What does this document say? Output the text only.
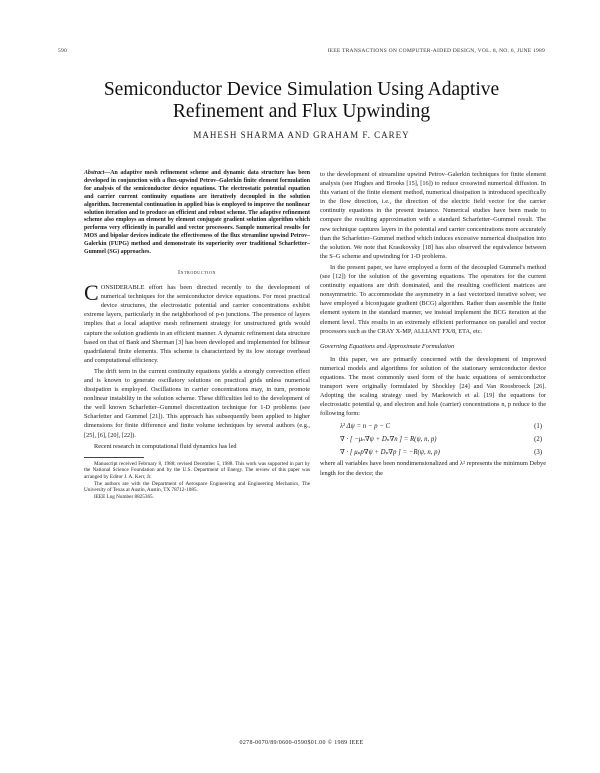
590	IEEE TRANSACTIONS ON COMPUTER-AIDED DESIGN, VOL. 8, NO. 6, JUNE 1989
Semiconductor Device Simulation Using Adaptive Refinement and Flux Upwinding
MAHESH SHARMA AND GRAHAM F. CAREY

Abstract—An adaptive mesh refinement scheme and dynamic data structure has been developed in conjunction with a flux-upwind Petrov–Galerkin finite element formulation for analysis of the semiconductor device equations. The electrostatic potential equation and carrier current continuity equations are iteratively decoupled in the solution algorithm. Incremental continuation in applied bias is employed to improve the nonlinear solution iteration and to produce an efficient and robust scheme. The adaptive refinement scheme also employs an element by element conjugate gradient solution algorithm which performs very efficiently in parallel and vector processors. Sample numerical results for MOS and bipolar devices indicate the effectiveness of the flux streamline upwind Petrov–Galerkin (FUPG) method and demonstrate its superiority over traditional Scharfetter–Gummel (SG) approaches.

Introduction

CONSIDERABLE effort has been directed recently to the development of numerical techniques for the semiconductor device equations. For most practical device structures, the electrostatic potential and carrier concentrations exhibit extreme layers, particularly in the neighborhood of p-n junctions. The presence of layers implies that a local adaptive mesh refinement strategy for unstructured grids would capture the solution gradients in an efficient manner. A dynamic refinement data structure based on that of Bank and Sherman [3] has been developed and implemented for bilinear quadrilateral finite elements. This scheme is characterized by its low storage overhead and computational efficiency.

The drift term in the current continuity equations yields a strongly convection effect and is known to generate oscillatory solutions on practical grids unless numerical dissipation is employed. Oscillations in carrier concentrations may, in turn, promote nonlinear instability in the solution scheme. These difficulties led to the development of the well known Scharfetter–Gummel discretization technique for 1-D problems (see Scharfetter and Gummel [21]). This approach has subsequently been applied to higher dimensions for finite difference and finite volume techniques by several authors (e.g., [25], [6], [20], [22]).

Recent research in computational fluid dynamics has led

Manuscript received February 8, 1988; revised December 5, 1988. This work was supported in part by the National Science Foundation and by the U.S. Department of Energy. The review of this paper was arranged by Editor J. A. Kerr, Jr.

The authors are with the Department of Aerospace Engineering and Engineering Mechanics, The University of Texas at Austin, Austin, TX 78712-1085.

IEEE Log Number 8825365.

to the development of streamline upwind Petrov–Galerkin techniques for finite element analysis (see Hughes and Brooks [15], [16]) to reduce crosswind numerical diffusion. In this variant of the finite element method, numerical dissipation is introduced specifically in the flow direction, i.e., the direction of the electric field vector for the carrier continuity equations in the present instance. Numerical studies have been made to compare the resulting approximation with a standard Scharfetter–Gummel result. The new technique captures layers in the potential and carrier concentrations more accurately than the Scharfetter–Gummel method which induces excessive numerical dissipation into the solution. We note that Krasikovsky [18] has also observed the equivalence between the S–G scheme and upwinding for 1-D problems.

In the present paper, we have employed a form of the decoupled Gummel's method (see [12]) for the solution of the governing equations. The operators for the current continuity equations are drift dominated, and the resulting coefficient matrices are nonsymmetric. To accommodate the asymmetry in a fast vectorized iterative solver, we have employed a biconjugate gradient (BCG) algorithm. Rather than assemble the finite element system in the standard manner, we instead implement the BCG iteration at the element level. This results in an extremely efficient performance on parallel and vector processors such as the CRAY X-MP, ALLIANT FX/8, ETA, etc.

Governing Equations and Approximate Formulation

In this paper, we are primarily concerned with the development of improved numerical models and algorithms for solution of the stationary semiconductor device equations. The most commonly used form of the basic equations of semiconductor transport were originally formulated by Shockley [24] and Van Roosbroeck [26]. Adopting the scaling strategy used by Markowich et al. [19] the equations for electrostatic potential ψ, and electron and hole (carrier) concentrations n, p reduce to the following form:

λ² Δψ = n − p − C	(1)
∇ · [ −μₙ∇ψ + Dₙ∇n ] = R(ψ, n, p)	(2)
∇ · [ μₚp∇ψ + Dₚ∇p ] = −R(ψ, n, p)	(3)

where all variables have been nondimensionalized and λ² represents the minimum Debye length for the device; the

0278-0070/89/0600-0590$01.00 © 1989 IEEE
